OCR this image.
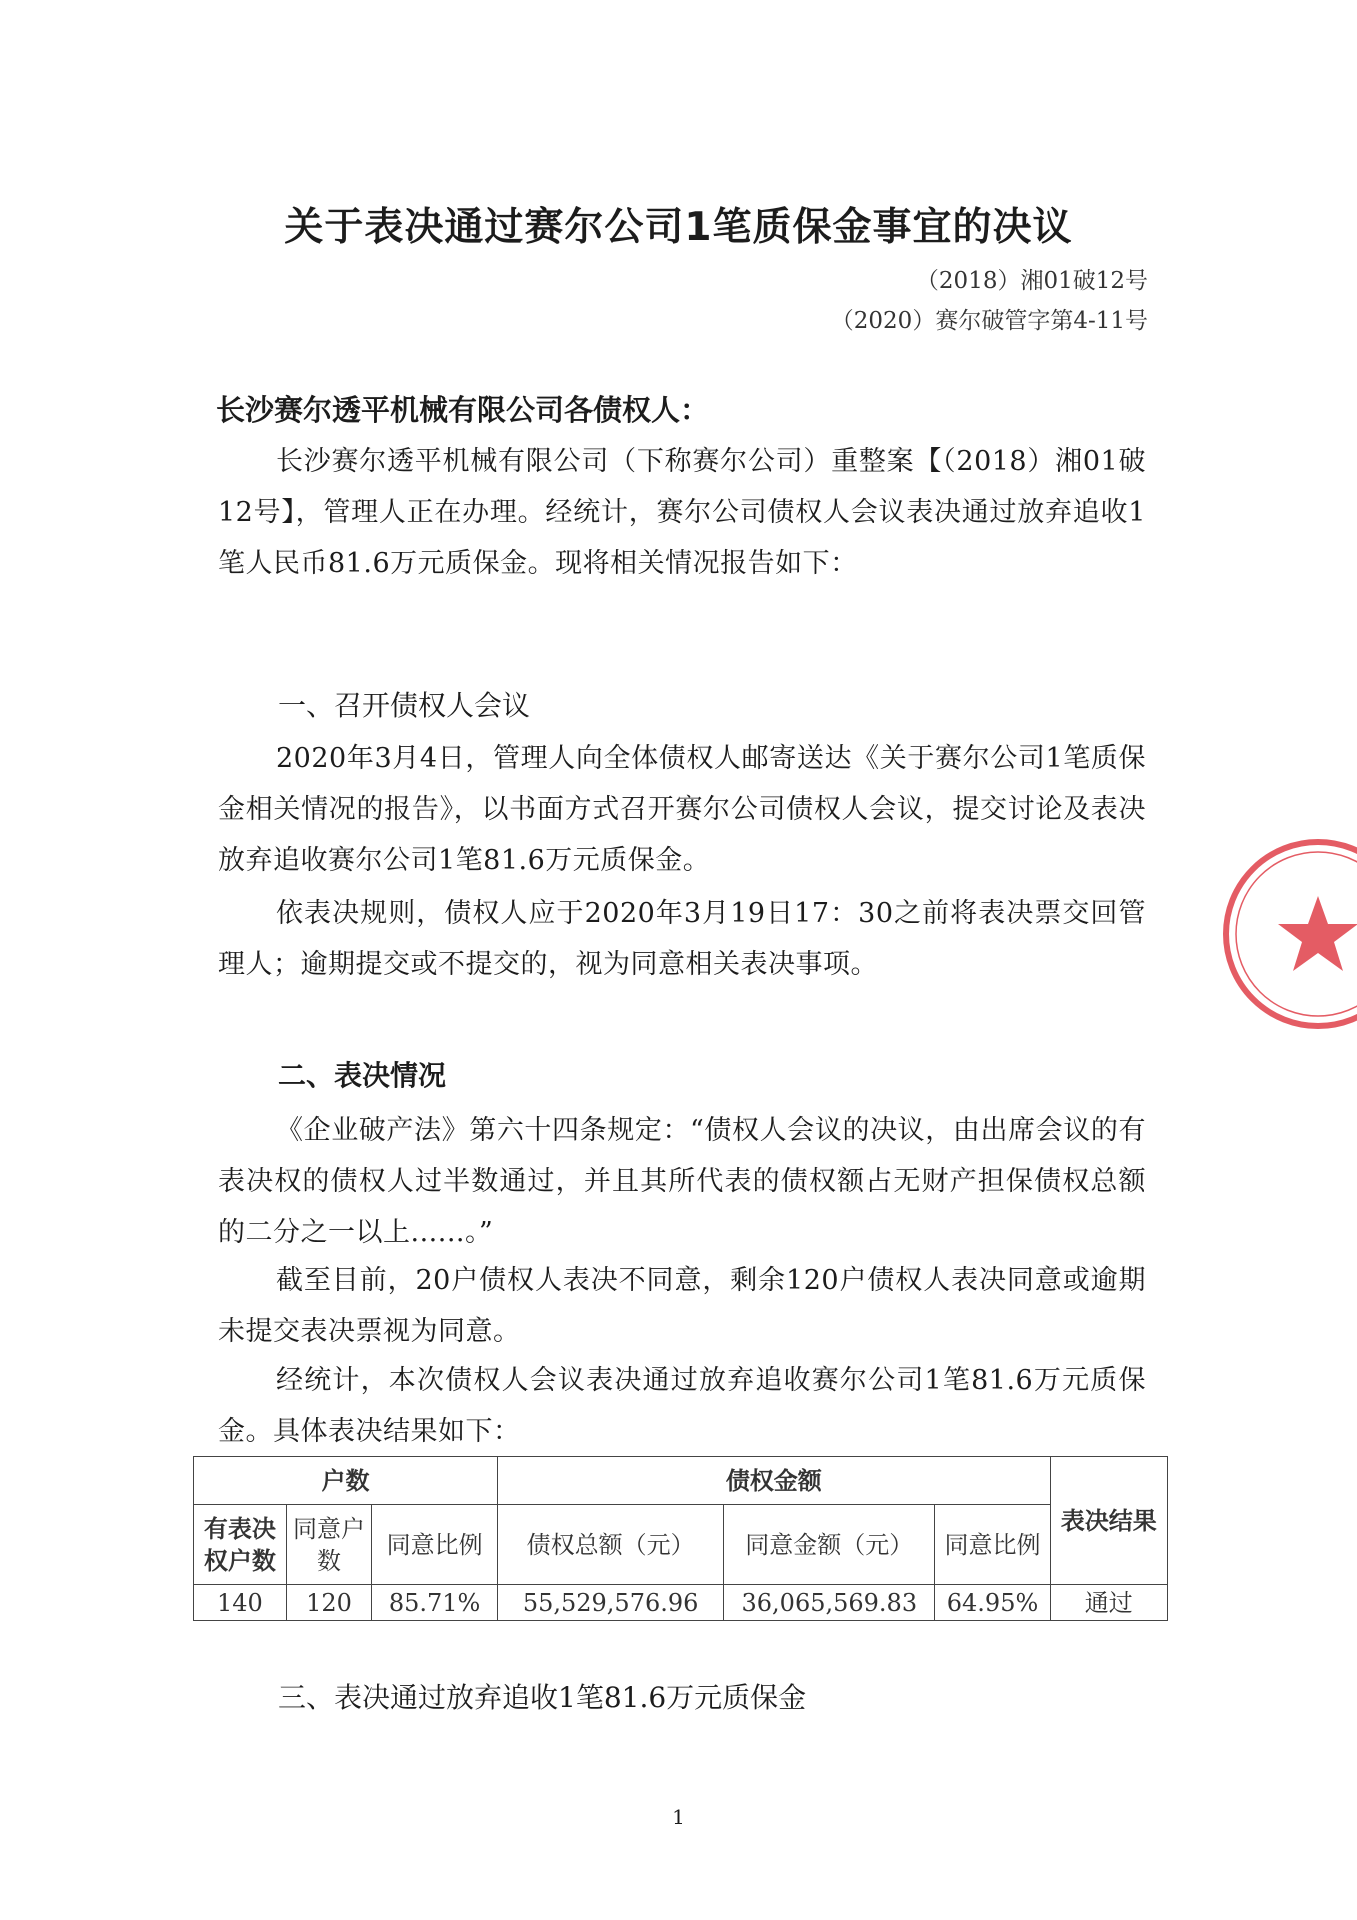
关于表决通过赛尔公司1笔质保金事宜的决议

（2018）湘01破12号

（2020）赛尔破管字第4-11号

长沙赛尔透平机械有限公司各债权人：

长沙赛尔透平机械有限公司（下称赛尔公司）重整案【（2018）湘01破12号】，管理人正在办理。经统计，赛尔公司债权人会议表决通过放弃追收1笔人民币81.6万元质保金。现将相关情况报告如下：

一、召开债权人会议

2020年3月4日，管理人向全体债权人邮寄送达《关于赛尔公司1笔质保金相关情况的报告》，以书面方式召开赛尔公司债权人会议，提交讨论及表决放弃追收赛尔公司1笔81.6万元质保金。

依表决规则，债权人应于2020年3月19日17：30之前将表决票交回管理人；逾期提交或不提交的，视为同意相关表决事项。

二、表决情况

《企业破产法》第六十四条规定：“债权人会议的决议，由出席会议的有表决权的债权人过半数通过，并且其所代表的债权额占无财产担保债权总额的二分之一以上......。”

截至目前，20户债权人表决不同意，剩余120户债权人表决同意或逾期未提交表决票视为同意。

经统计，本次债权人会议表决通过放弃追收赛尔公司1笔81.6万元质保金。具体表决结果如下：

户数			债权金额			表决结果
有表决权户数	同意户数	同意比例	债权总额（元）	同意金额（元）	同意比例	
140	120	85.71%	55,529,576.96	36,065,569.83	64.95%	通过

三、表决通过放弃追收1笔81.6万元质保金

1
